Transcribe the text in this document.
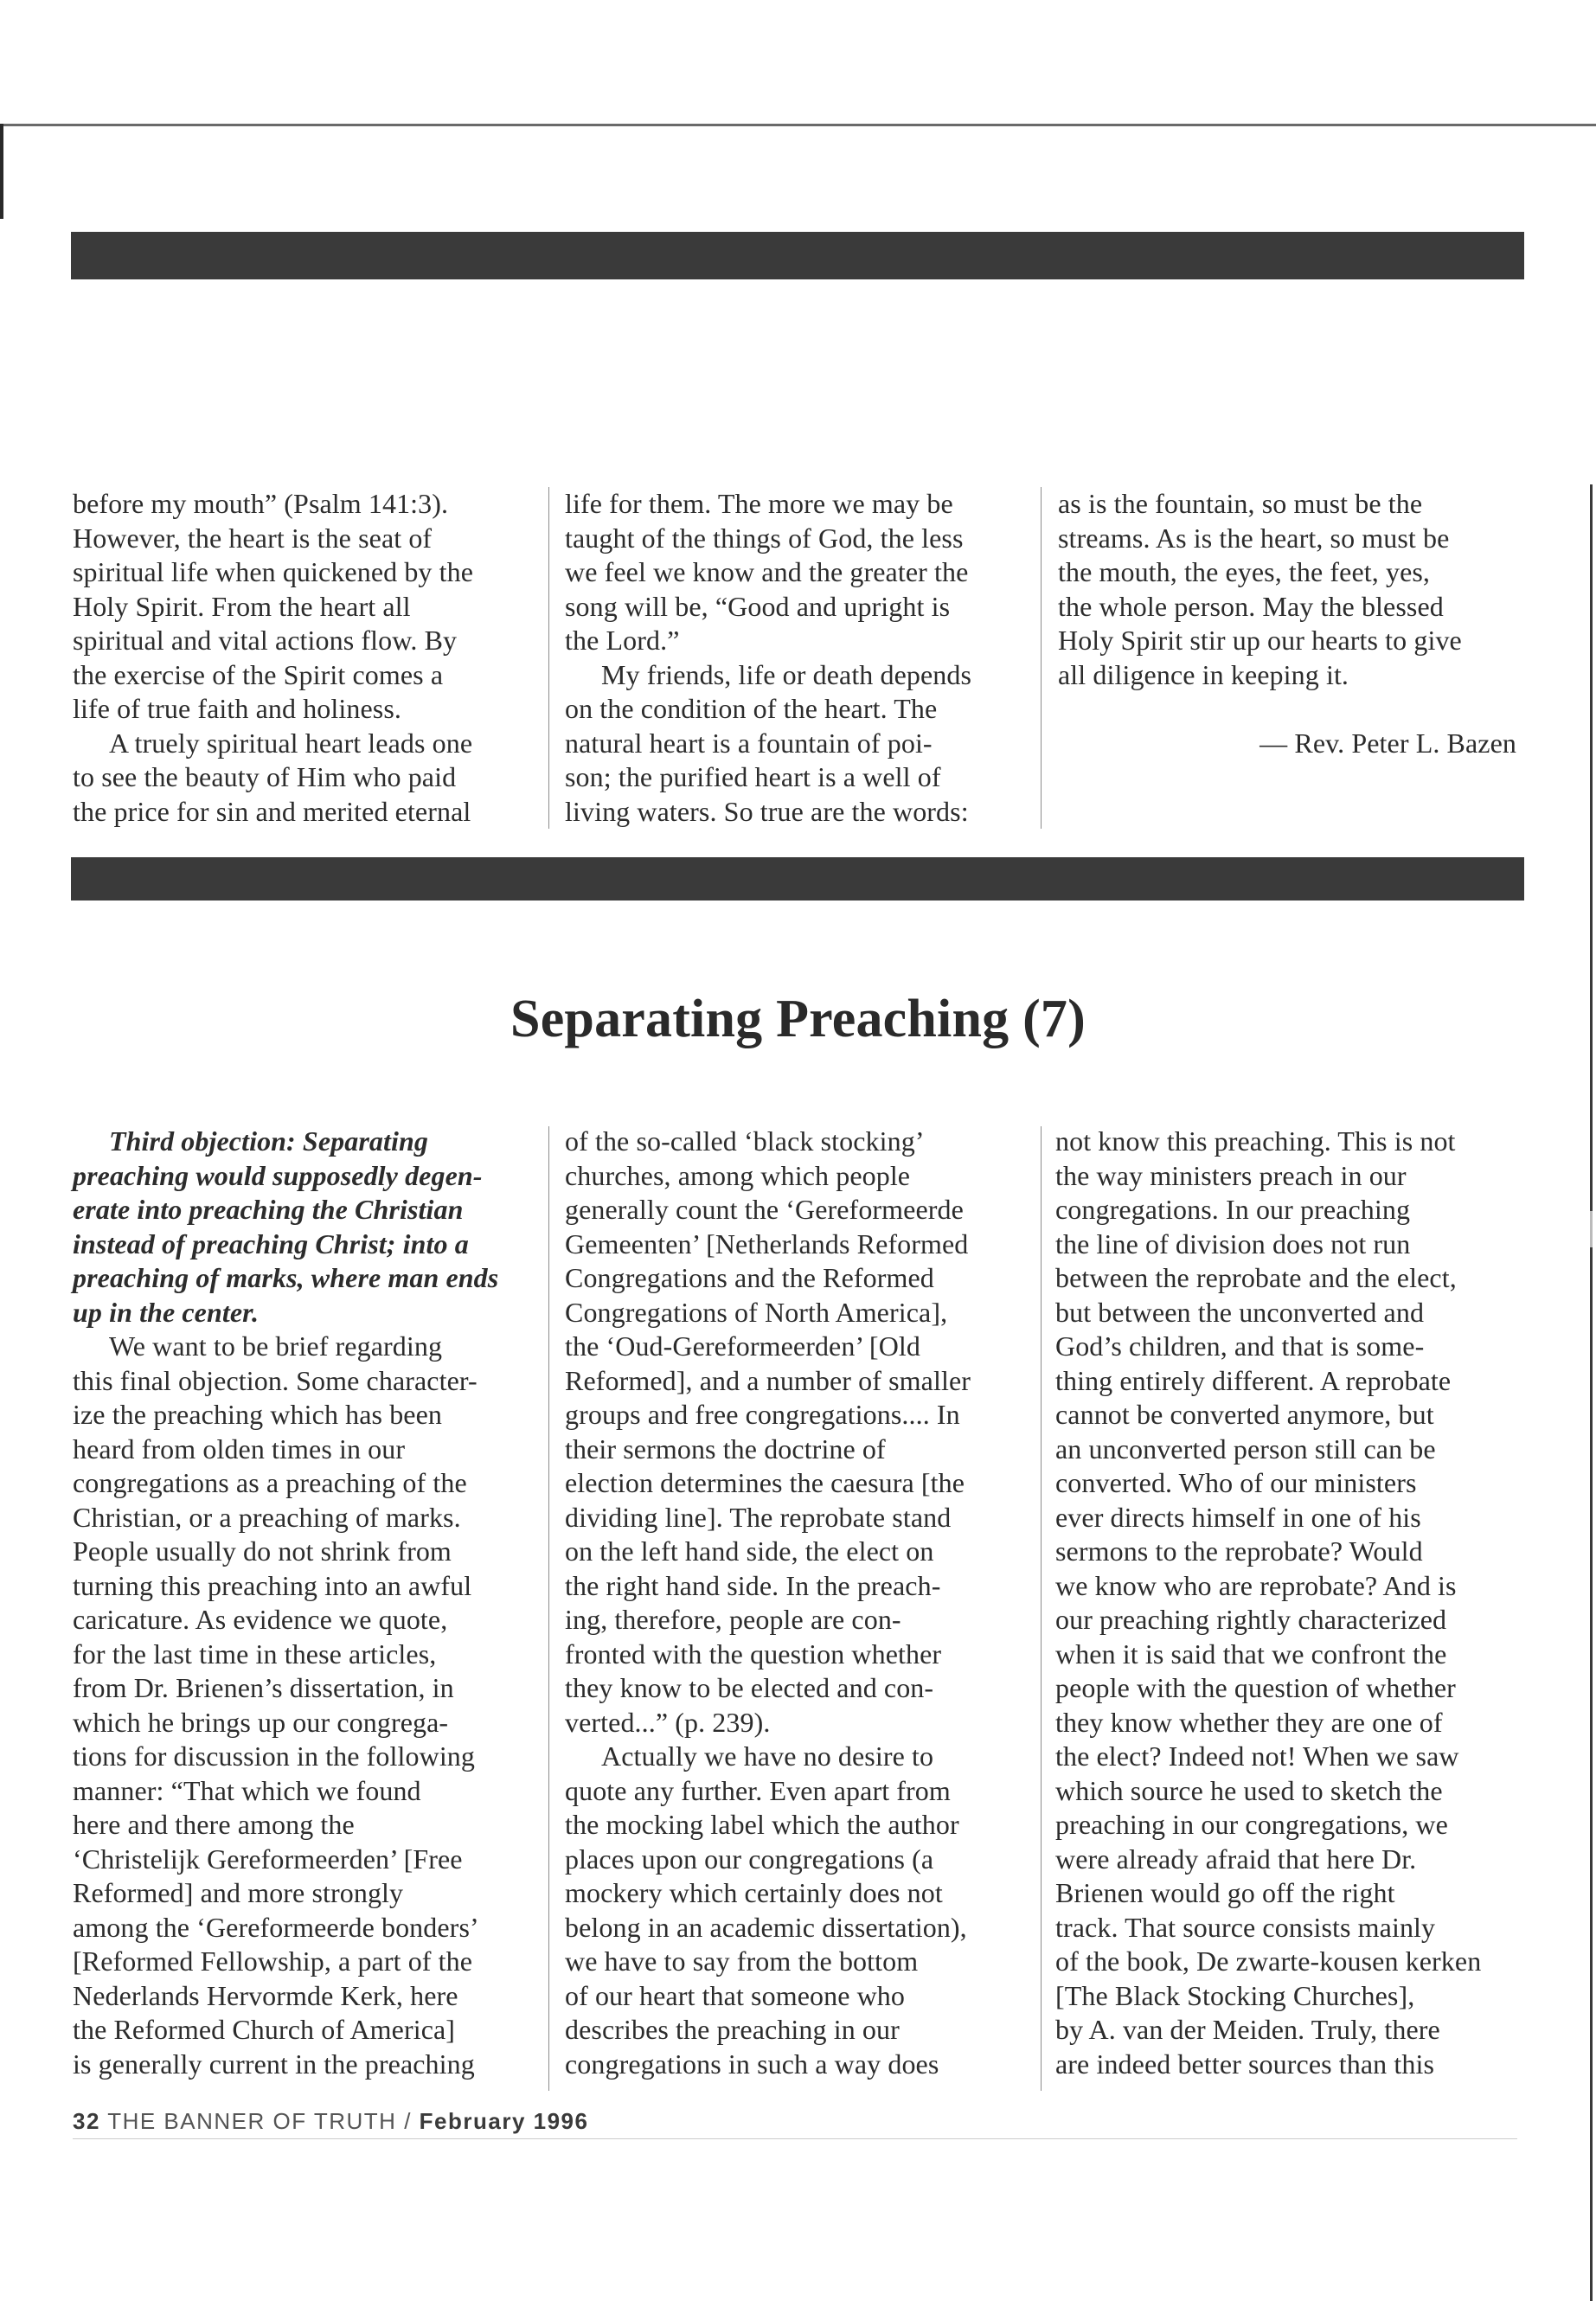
before my mouth” (Psalm 141:3).
However, the heart is the seat of
spiritual life when quickened by the
Holy Spirit. From the heart all
spiritual and vital actions flow. By
the exercise of the Spirit comes a
life of true faith and holiness.
A truely spiritual heart leads one
to see the beauty of Him who paid
the price for sin and merited eternal
life for them. The more we may be
taught of the things of God, the less
we feel we know and the greater the
song will be, “Good and upright is
the Lord.”
My friends, life or death depends
on the condition of the heart. The
natural heart is a fountain of poi-
son; the purified heart is a well of
living waters. So true are the words:
as is the fountain, so must be the
streams. As is the heart, so must be
the mouth, the eyes, the feet, yes,
the whole person. May the blessed
Holy Spirit stir up our hearts to give
all diligence in keeping it.
— Rev. Peter L. Bazen
Separating Preaching (7)
Third objection: Separating
preaching would supposedly degen-
erate into preaching the Christian
instead of preaching Christ; into a
preaching of marks, where man ends
up in the center.
We want to be brief regarding
this final objection. Some character-
ize the preaching which has been
heard from olden times in our
congregations as a preaching of the
Christian, or a preaching of marks.
People usually do not shrink from
turning this preaching into an awful
caricature. As evidence we quote,
for the last time in these articles,
from Dr. Brienen’s dissertation, in
which he brings up our congrega-
tions for discussion in the following
manner: “That which we found
here and there among the
‘Christelijk Gereformeerden’ [Free
Reformed] and more strongly
among the ‘Gereformeerde bonders’
[Reformed Fellowship, a part of the
Nederlands Hervormde Kerk, here
the Reformed Church of America]
is generally current in the preaching
of the so-called ‘black stocking’
churches, among which people
generally count the ‘Gereformeerde
Gemeenten’ [Netherlands Reformed
Congregations and the Reformed
Congregations of North America],
the ‘Oud-Gereformeerden’ [Old
Reformed], and a number of smaller
groups and free congregations.... In
their sermons the doctrine of
election determines the caesura [the
dividing line]. The reprobate stand
on the left hand side, the elect on
the right hand side. In the preach-
ing, therefore, people are con-
fronted with the question whether
they know to be elected and con-
verted...” (p. 239).
Actually we have no desire to
quote any further. Even apart from
the mocking label which the author
places upon our congregations (a
mockery which certainly does not
belong in an academic dissertation),
we have to say from the bottom
of our heart that someone who
describes the preaching in our
congregations in such a way does
not know this preaching. This is not
the way ministers preach in our
congregations. In our preaching
the line of division does not run
between the reprobate and the elect,
but between the unconverted and
God’s children, and that is some-
thing entirely different. A reprobate
cannot be converted anymore, but
an unconverted person still can be
converted. Who of our ministers
ever directs himself in one of his
sermons to the reprobate? Would
we know who are reprobate? And is
our preaching rightly characterized
when it is said that we confront the
people with the question of whether
they know whether they are one of
the elect? Indeed not! When we saw
which source he used to sketch the
preaching in our congregations, we
were already afraid that here Dr.
Brienen would go off the right
track. That source consists mainly
of the book, De zwarte-kousen kerken
[The Black Stocking Churches],
by A. van der Meiden. Truly, there
are indeed better sources than this
32 THE BANNER OF TRUTH / February 1996
